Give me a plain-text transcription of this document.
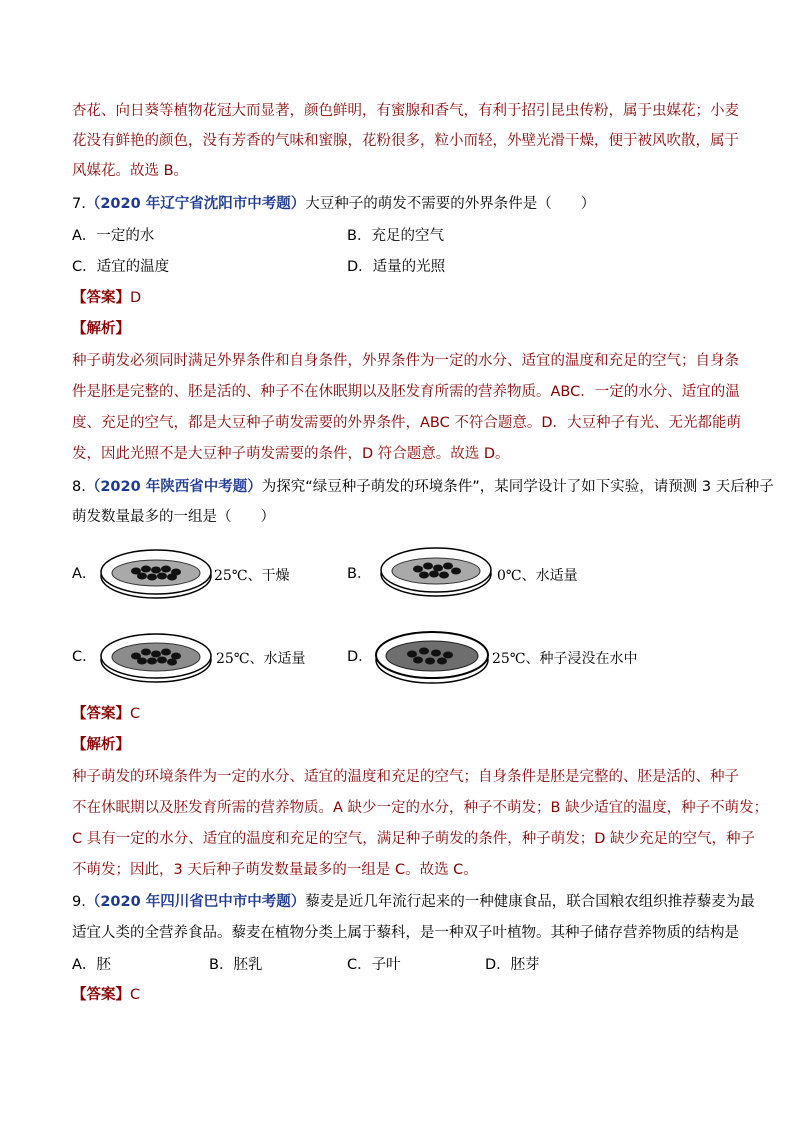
杏花、向日葵等植物花冠大而显著，颜色鲜明，有蜜腺和香气，有利于招引昆虫传粉，属于虫媒花；小麦
花没有鲜艳的颜色，没有芳香的气味和蜜腺，花粉很多，粒小而轻，外壁光滑干燥，便于被风吹散，属于
风媒花。故选 B。
7.（2020 年辽宁省沈阳市中考题）大豆种子的萌发不需要的外界条件是（　　）
A．一定的水	B．充足的空气
C．适宜的温度	D．适量的光照
【答案】D
【解析】
种子萌发必须同时满足外界条件和自身条件，外界条件为一定的水分、适宜的温度和充足的空气；自身条
件是胚是完整的、胚是活的、种子不在休眠期以及胚发育所需的营养物质。ABC．一定的水分、适宜的温
度、充足的空气，都是大豆种子萌发需要的外界条件，ABC 不符合题意。D．大豆种子有光、无光都能萌
发，因此光照不是大豆种子萌发需要的条件，D 符合题意。故选 D。
8.（2020 年陕西省中考题）为探究“绿豆种子萌发的环境条件”，某同学设计了如下实验，请预测 3 天后种子
萌发数量最多的一组是（　　）
A．	25℃、干燥	B．	0℃、水适量
C．	25℃、水适量	D．	25℃、种子浸没在水中
【答案】C
【解析】
种子萌发的环境条件为一定的水分、适宜的温度和充足的空气；自身条件是胚是完整的、胚是活的、种子
不在休眠期以及胚发育所需的营养物质。A 缺少一定的水分，种子不萌发；B 缺少适宜的温度，种子不萌发；
C 具有一定的水分、适宜的温度和充足的空气，满足种子萌发的条件，种子萌发；D 缺少充足的空气，种子
不萌发；因此，3 天后种子萌发数量最多的一组是 C。故选 C。
9.（2020 年四川省巴中市中考题）藜麦是近几年流行起来的一种健康食品，联合国粮农组织推荐藜麦为最
适宜人类的全营养食品。藜麦在植物分类上属于藜科，是一种双子叶植物。其种子储存营养物质的结构是
A．胚	B．胚乳	C．子叶	D．胚芽
【答案】C
